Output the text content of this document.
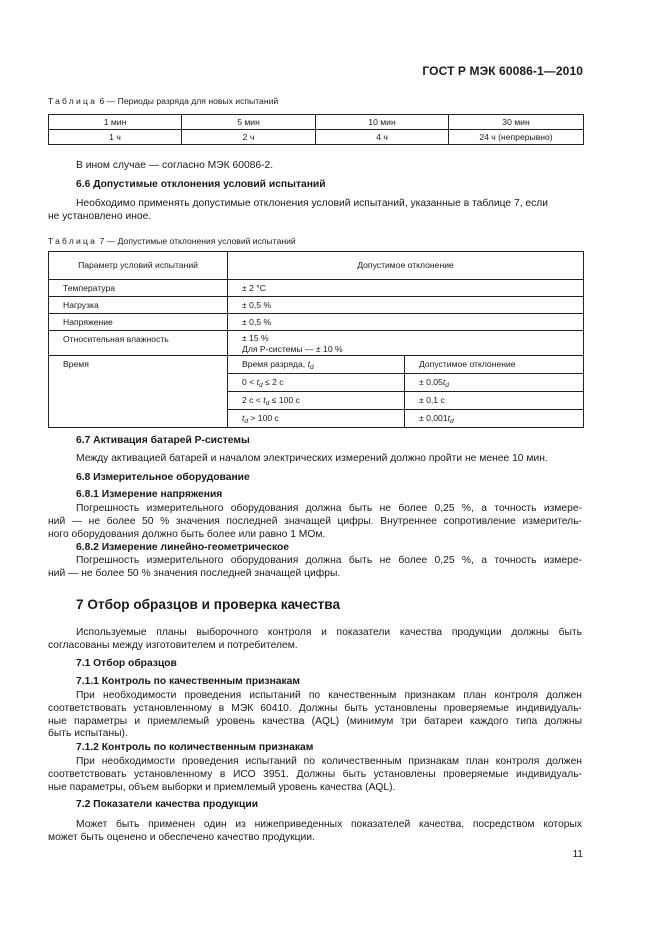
ГОСТ Р МЭК 60086-1—2010
Таблица 6 — Периоды разряда для новых испытаний
1 мин	5 мин	10 мин	30 мин
1 ч	2 ч	4 ч	24 ч (непрерывно)
В ином случае — согласно МЭК 60086-2.
6.6 Допустимые отклонения условий испытаний
Необходимо применять допустимые отклонения условий испытаний, указанные в таблице 7, если
не установлено иное.
Таблица 7 — Допустимые отклонения условий испытаний
Параметр условий испытаний	Допустимое отклонение	
Температура	± 2 °С	
Нагрузка	± 0,5 %	
Напряжение	± 0,5 %	
Относительная влажность	± 15 %
Для Р-системы — ± 10 %	

Время	Время разряда, $t_d$	Допустимое отклонение
	$0 < t_d \le 2$ с	± $0,05t_d$
	2 $с < t_d \le 100$ с	± 0,1 с
	$t_d > 100$ с	± $0,001t_d$
6.7 Активация батарей Р-системы
Между активацией батарей и началом электрических измерений должно пройти не менее 10 мин.
6.8 Измерительное оборудование
6.8.1 Измерение напряжения
Погрешность измерительного оборудования должна быть не более 0,25 %, а точность измере-
ний — не более 50 % значения последней значащей цифры. Внутреннее сопротивление измеритель-
ного оборудования должно быть более или равно 1 МОм.
6.8.2 Измерение линейно-геометрическое
Погрешность измерительного оборудования должна быть не более 0,25 %, а точность измере-
ний — не более 50 % значения последней значащей цифры.
7 Отбор образцов и проверка качества
Используемые планы выборочного контроля и показатели качества продукции должны быть
согласованы между изготовителем и потребителем.
7.1 Отбор образцов
7.1.1 Контроль по качественным признакам
При необходимости проведения испытаний по качественным признакам план контроля должен
соответствовать установленному в МЭК 60410. Должны быть установлены проверяемые индивидуаль-
ные параметры и приемлемый уровень качества (AQL) (минимум три батареи каждого типа должны
быть испытаны).
7.1.2 Контроль по количественным признакам
При необходимости проведения испытаний по количественным признакам план контроля должен
соответствовать установленному в ИСО 3951. Должны быть установлены проверяемые индивидуаль-
ные параметры, объем выборки и приемлемый уровень качества (AQL).
7.2 Показатели качества продукции
Может быть применен один из нижеприведенных показателей качества, посредством которых
может быть оценено и обеспечено качество продукции.
11
